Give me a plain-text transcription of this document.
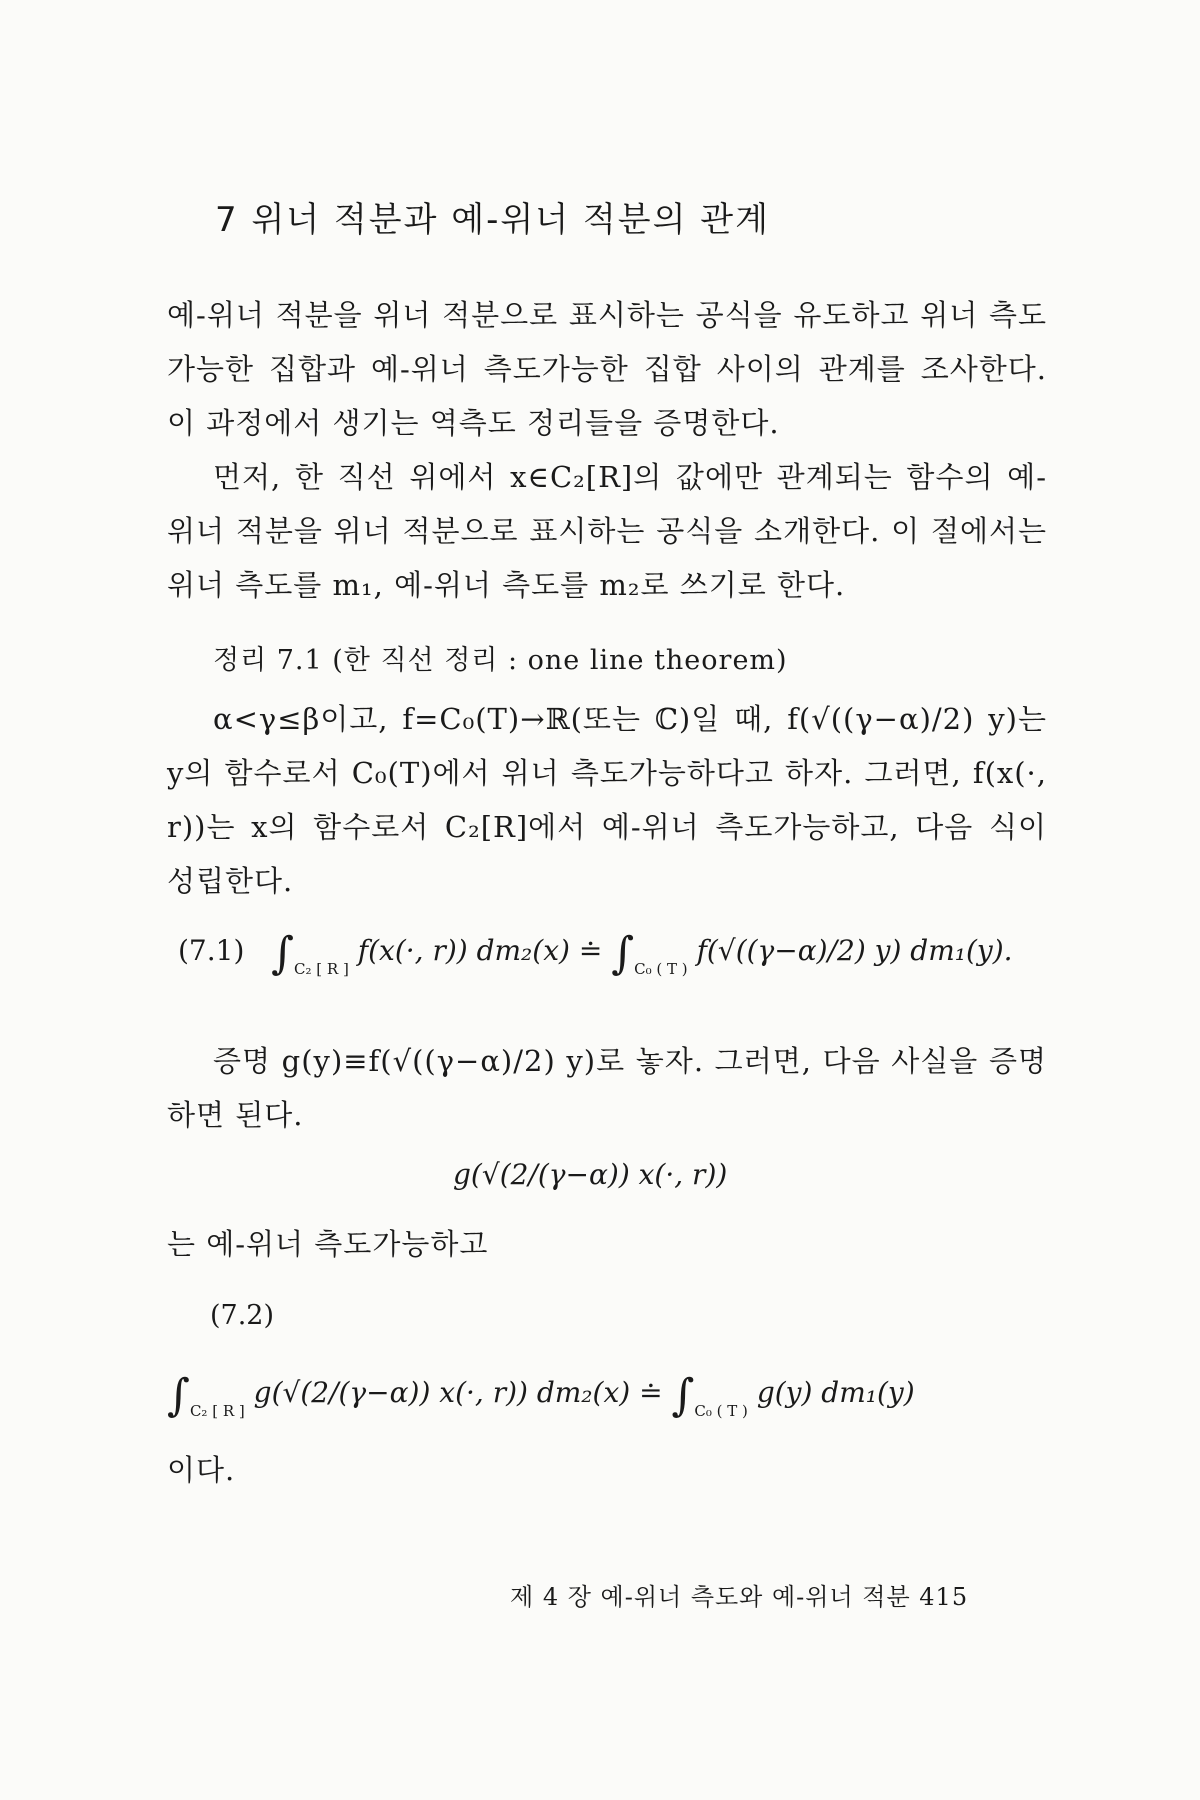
7 위너 적분과 예-위너 적분의 관계
예-위너 적분을 위너 적분으로 표시하는 공식을 유도하고 위너 측도가능한 집합과 예-위너 측도가능한 집합 사이의 관계를 조사한다. 이 과정에서 생기는 역측도 정리들을 증명한다.
먼저, 한 직선 위에서 x∈C₂[R]의 값에만 관계되는 함수의 예-위너 적분을 위너 적분으로 표시하는 공식을 소개한다. 이 절에서는 위너 측도를 m₁, 예-위너 측도를 m₂로 쓰기로 한다.
정리 7.1 (한 직선 정리 : one line theorem)
α<γ≤β이고, f=C₀(T)→ℝ(또는 ℂ)일 때, f(√((γ−α)/2) y)는 y의 함수로서 C₀(T)에서 위너 측도가능하다고 하자. 그러면, f(x(·, r))는 x의 함수로서 C₂[R]에서 예-위너 측도가능하고, 다음 식이 성립한다.
(7.1) $\int_{C_2 [ R ]}$ f(x(·, r)) dm₂(x) ≐ $\int_{C_0 ( T )}$ f(√((γ−α)/2) y) dm₁(y).
증명 g(y)≡f(√((γ−α)/2) y)로 놓자. 그러면, 다음 사실을 증명하면 된다.
g(√(2/(γ−α)) x(·, r))
는 예-위너 측도가능하고
(7.2)
$\int_{C_2 [ R ]}$ g(√(2/(γ−α)) x(·, r)) dm₂(x) ≐ $\int_{C_0 ( T )}$ g(y) dm₁(y)
이다.
제 4 장 예-위너 측도와 예-위너 적분 415
